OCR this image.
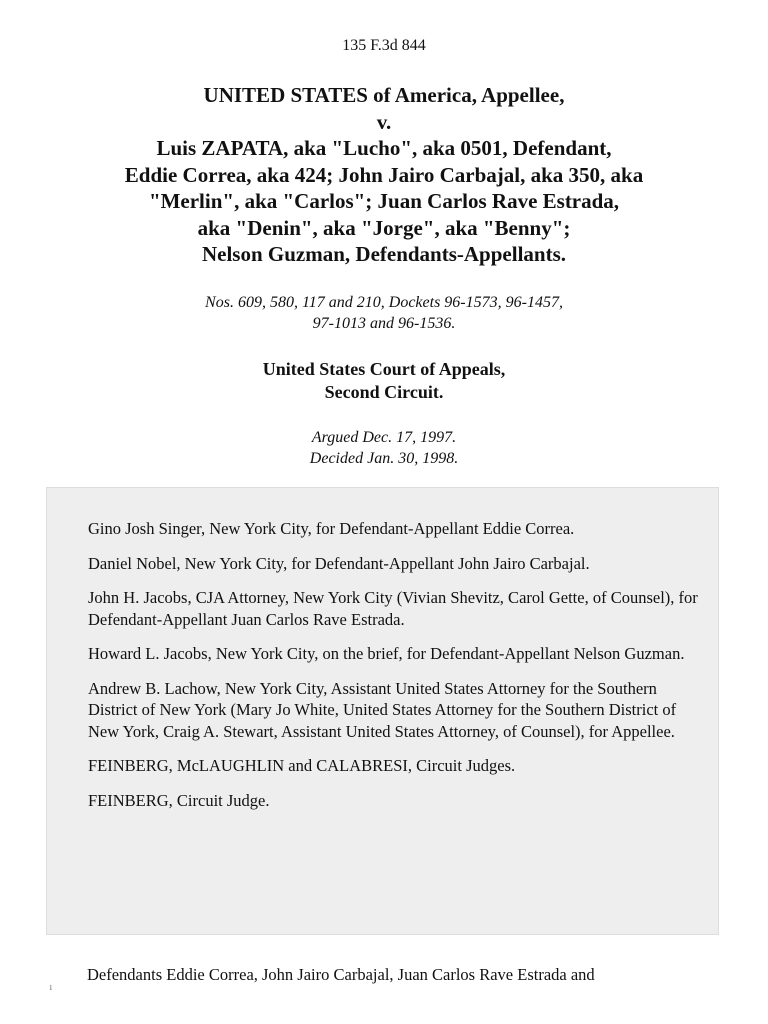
135 F.3d 844
UNITED STATES of America, Appellee,
v.
Luis ZAPATA, aka "Lucho", aka 0501, Defendant,
Eddie Correa, aka 424; John Jairo Carbajal, aka 350, aka
"Merlin", aka "Carlos"; Juan Carlos Rave Estrada,
aka "Denin", aka "Jorge", aka "Benny";
Nelson Guzman, Defendants-Appellants.
Nos. 609, 580, 117 and 210, Dockets 96-1573, 96-1457,
97-1013 and 96-1536.
United States Court of Appeals,
Second Circuit.
Argued Dec. 17, 1997.
Decided Jan. 30, 1998.

Gino Josh Singer, New York City, for Defendant-Appellant Eddie Correa.

Daniel Nobel, New York City, for Defendant-Appellant John Jairo Carbajal.

John H. Jacobs, CJA Attorney, New York City (Vivian Shevitz, Carol Gette, of Counsel), for Defendant-Appellant Juan Carlos Rave Estrada.

Howard L. Jacobs, New York City, on the brief, for Defendant-Appellant Nelson Guzman.

Andrew B. Lachow, New York City, Assistant United States Attorney for the Southern District of New York (Mary Jo White, United States Attorney for the Southern District of New York, Craig A. Stewart, Assistant United States Attorney, of Counsel), for Appellee.

FEINBERG, McLAUGHLIN and CALABRESI, Circuit Judges.

FEINBERG, Circuit Judge.

1
Defendants Eddie Correa, John Jairo Carbajal, Juan Carlos Rave Estrada and
